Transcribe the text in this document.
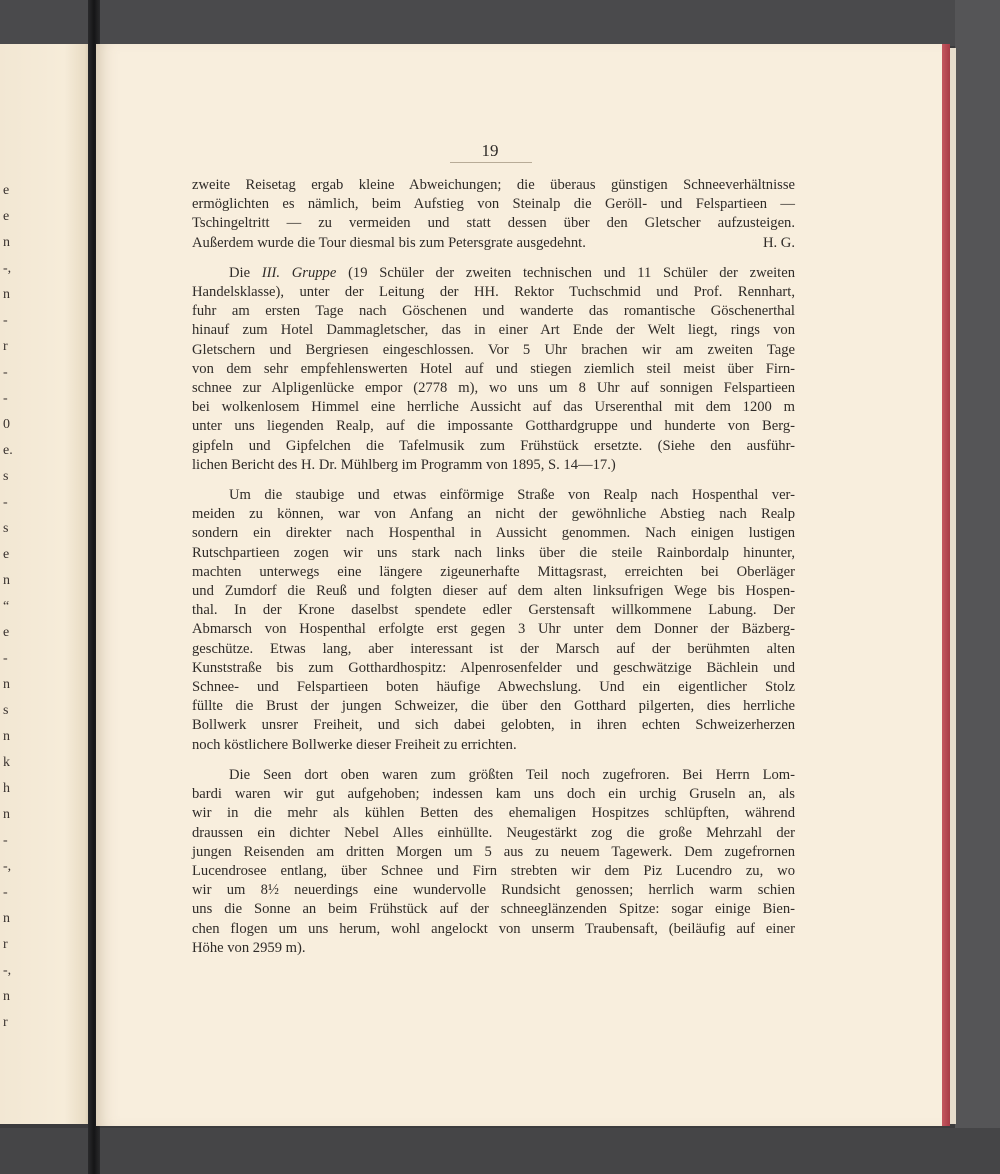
e
e
n
-,
n
-
r
-
-
0
e.
s
-
s
e
n
“
e
-
n
s
n
k
h
n
-
-,
-
n
r
-,
n
r
19

zweite Reisetag ergab kleine Abweichungen; die überaus günstigen Schneeverhältnisse
ermöglichten es nämlich, beim Aufstieg von Steinalp die Geröll- und Felspartieen —
Tschingeltritt — zu vermeiden und statt dessen über den Gletscher aufzusteigen.
Außerdem wurde die Tour diesmal bis zum Petersgrate ausgedehnt.	H. G.

Die III. Gruppe (19 Schüler der zweiten technischen und 11 Schüler der zweiten
Handelsklasse), unter der Leitung der HH. Rektor Tuchschmid und Prof. Rennhart,
fuhr am ersten Tage nach Göschenen und wanderte das romantische Göschenerthal
hinauf zum Hotel Dammagletscher, das in einer Art Ende der Welt liegt, rings von
Gletschern und Bergriesen eingeschlossen. Vor 5 Uhr brachen wir am zweiten Tage
von dem sehr empfehlenswerten Hotel auf und stiegen ziemlich steil meist über Firn-
schnee zur Alpligenlücke empor (2778 m), wo uns um 8 Uhr auf sonnigen Felspartieen
bei wolkenlosem Himmel eine herrliche Aussicht auf das Urserenthal mit dem 1200 m
unter uns liegenden Realp, auf die impossante Gotthardgruppe und hunderte von Berg-
gipfeln und Gipfelchen die Tafelmusik zum Frühstück ersetzte. (Siehe den ausführ-
lichen Bericht des H. Dr. Mühlberg im Programm von 1895, S. 14—17.)

Um die staubige und etwas einförmige Straße von Realp nach Hospenthal ver-
meiden zu können, war von Anfang an nicht der gewöhnliche Abstieg nach Realp
sondern ein direkter nach Hospenthal in Aussicht genommen. Nach einigen lustigen
Rutschpartieen zogen wir uns stark nach links über die steile Rainbordalp hinunter,
machten unterwegs eine längere zigeunerhafte Mittagsrast, erreichten bei Oberläger
und Zumdorf die Reuß und folgten dieser auf dem alten linksufrigen Wege bis Hospen-
thal. In der Krone daselbst spendete edler Gerstensaft willkommene Labung. Der
Abmarsch von Hospenthal erfolgte erst gegen 3 Uhr unter dem Donner der Bäzberg-
geschütze. Etwas lang, aber interessant ist der Marsch auf der berühmten alten
Kunststraße bis zum Gotthardhospitz: Alpenrosenfelder und geschwätzige Bächlein und
Schnee- und Felspartieen boten häufige Abwechslung. Und ein eigentlicher Stolz
füllte die Brust der jungen Schweizer, die über den Gotthard pilgerten, dies herrliche
Bollwerk unsrer Freiheit, und sich dabei gelobten, in ihren echten Schweizerherzen
noch köstlichere Bollwerke dieser Freiheit zu errichten.

Die Seen dort oben waren zum größten Teil noch zugefroren. Bei Herrn Lom-
bardi waren wir gut aufgehoben; indessen kam uns doch ein urchig Gruseln an, als
wir in die mehr als kühlen Betten des ehemaligen Hospitzes schlüpften, während
draussen ein dichter Nebel Alles einhüllte. Neugestärkt zog die große Mehrzahl der
jungen Reisenden am dritten Morgen um 5 aus zu neuem Tagewerk. Dem zugefrornen
Lucendrosee entlang, über Schnee und Firn strebten wir dem Piz Lucendro zu, wo
wir um 8½ neuerdings eine wundervolle Rundsicht genossen; herrlich warm schien
uns die Sonne an beim Frühstück auf der schneeglänzenden Spitze: sogar einige Bien-
chen flogen um uns herum, wohl angelockt von unserm Traubensaft, (beiläufig auf einer
Höhe von 2959 m).
